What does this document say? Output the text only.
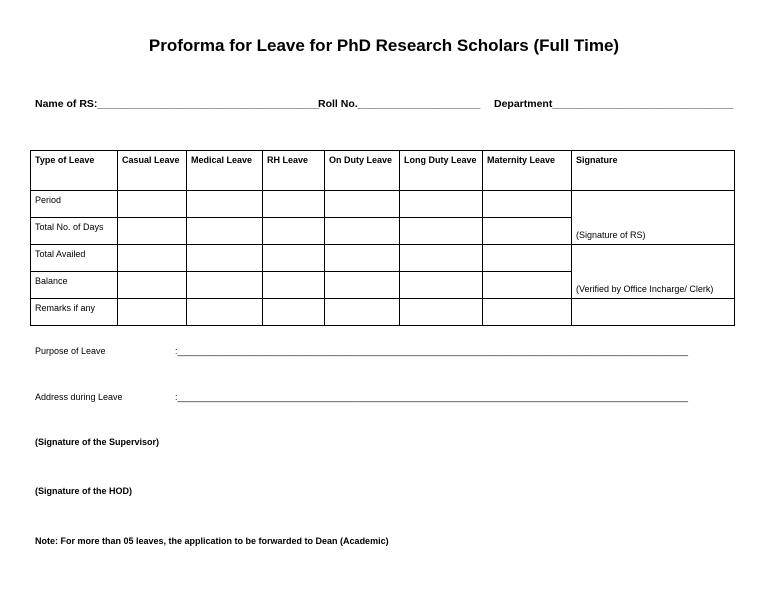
Proforma for Leave for PhD Research Scholars (Full Time)
Name of RS:______________________________________
Roll No._____________________ Department_______________________________
Type of Leave	Casual Leave	Medical Leave	RH Leave	On Duty Leave	Long Duty Leave	Maternity Leave	Signature
Period							(Signature of RS)
Total No. of Days							
Total Availed							(Verified by Office Incharge/ Clerk)
Balance							
Remarks if any							
Purpose of Leave	:______________________________________________________________________________________________________
Address during Leave	:______________________________________________________________________________________________________
(Signature of the Supervisor)
(Signature of the HOD)
Note: For more than 05 leaves, the application to be forwarded to Dean (Academic)
